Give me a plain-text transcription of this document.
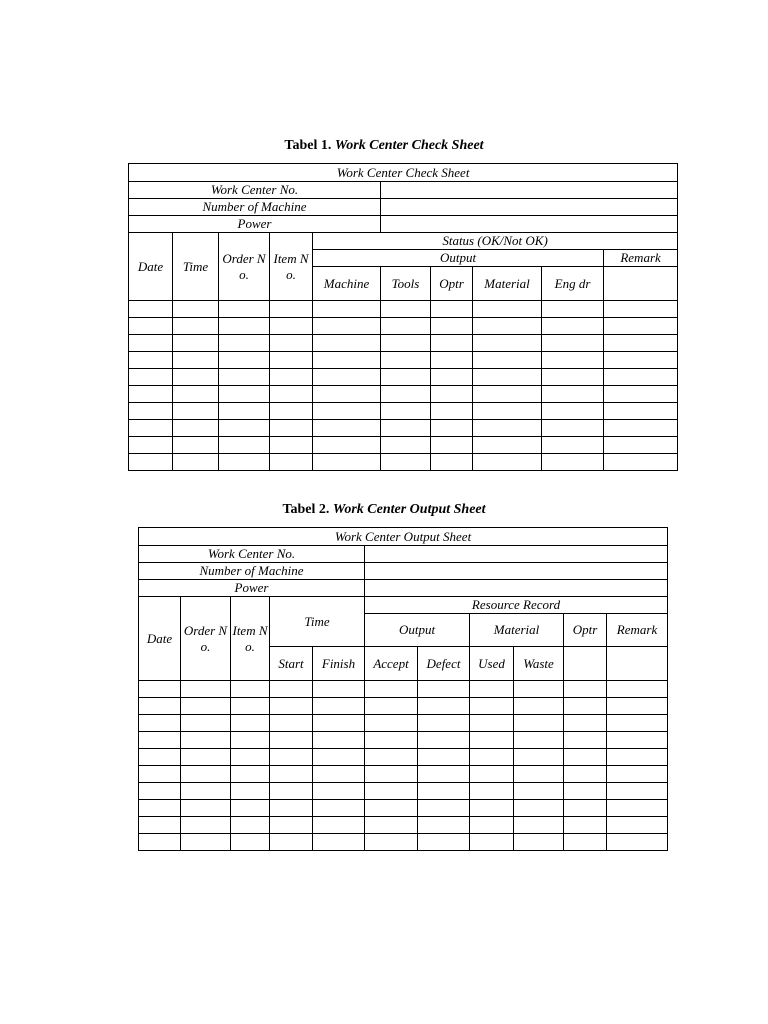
Tabel 1. Work Center Check Sheet
Work Center Check Sheet									
Work Center No.									
Number of Machine									
Power									
Date	Time	Order No.	Item No.	Status (OK/Not OK)					
				Output					Remark
				Machine	Tools	Optr	Material	Eng dr	

Tabel 2. Work Center Output Sheet
Work Center Output Sheet										
Work Center No.										
Number of Machine										
Power										
Date	Order No.	Item No.	Time		Resource Record					
					Output		Material		Optr	Remark
			Start	Finish	Accept	Defect	Used	Waste		
